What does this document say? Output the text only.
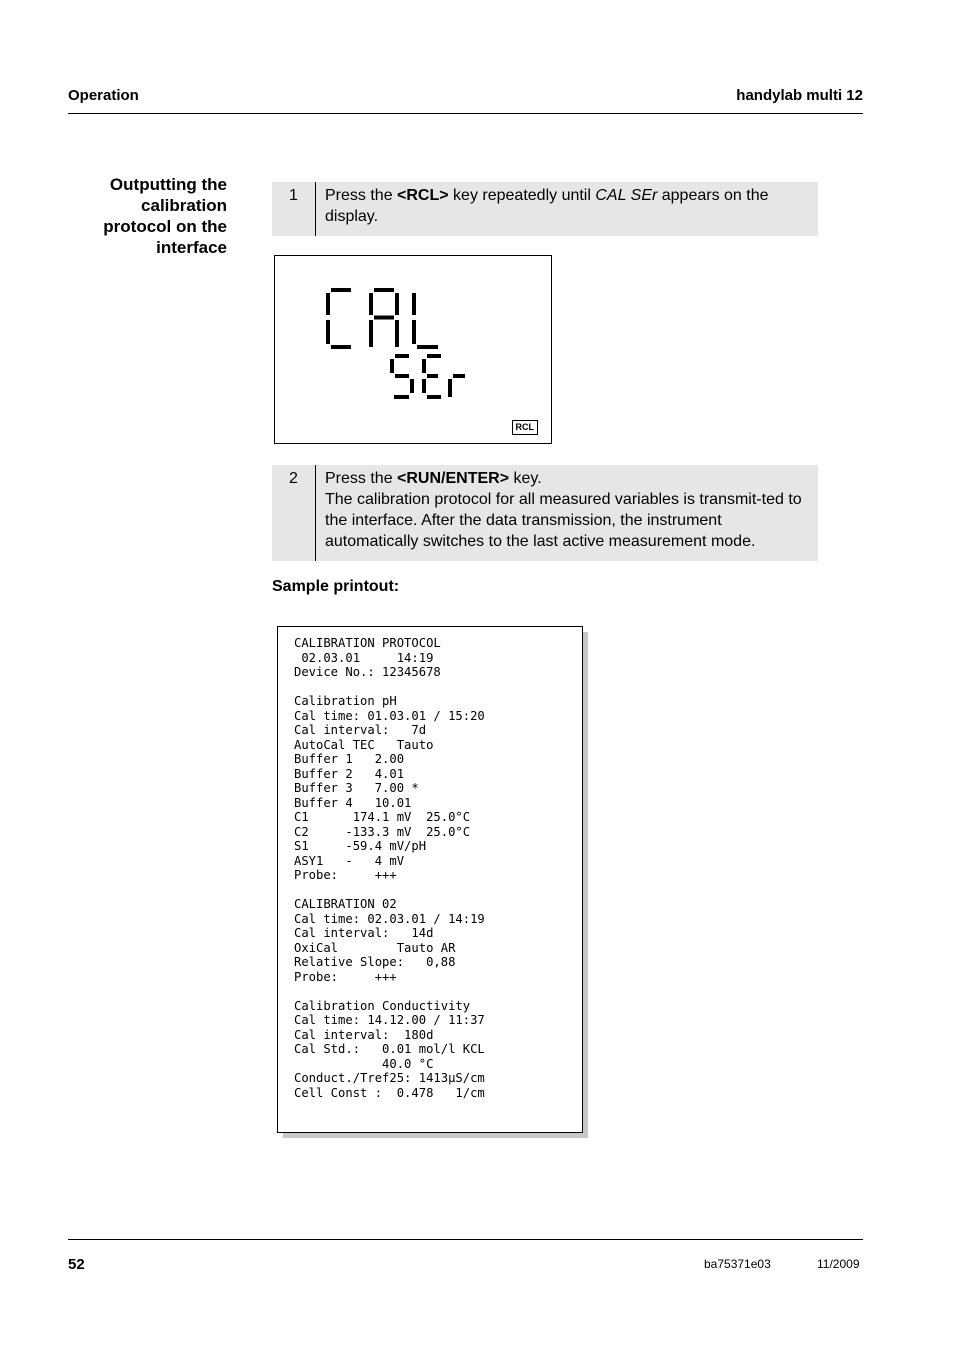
Operation	handylab multi 12
Outputting the
calibration
protocol on the
interface
1	Press the <RCL> key repeatedly until CAL SEr appears on the display.
RCL
2	Press the <RUN/ENTER> key.
The calibration protocol for all measured variables is transmit-ted to the interface. After the data transmission, the instrument automatically switches to the last active measurement mode.
Sample printout:
CALIBRATION PROTOCOL
02.03.01     14:19
Device No.: 12345678

Calibration pH
Cal time: 01.03.01 / 15:20
Cal interval:   7d
AutoCal TEC   Tauto
Buffer 1   2.00
Buffer 2   4.01
Buffer 3   7.00 *
Buffer 4   10.01
C1      174.1 mV  25.0°C
C2     -133.3 mV  25.0°C
S1     -59.4 mV/pH
ASY1   -   4 mV
Probe:     +++

CALIBRATION 02
Cal time: 02.03.01 / 14:19
Cal interval:   14d
OxiCal        Tauto AR
Relative Slope:   0,88
Probe:     +++

Calibration Conductivity
Cal time: 14.12.00 / 11:37
Cal interval:  180d
Cal Std.:   0.01 mol/l KCL
40.0 °C
Conduct./Tref25: 1413µS/cm
Cell Const :  0.478   1/cm
52	ba75371e03	11/2009
